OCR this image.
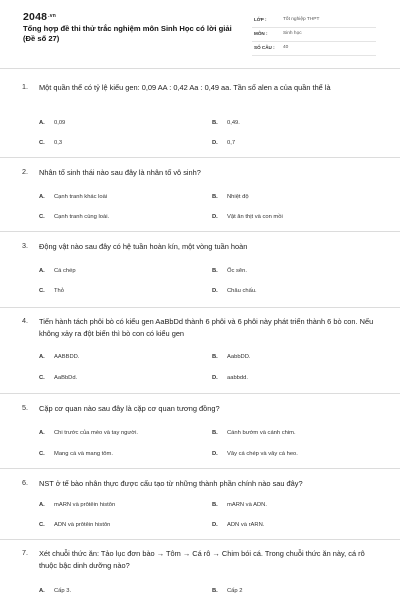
$2048^{.vn}$
Tổng hợp đề thi thử trắc nghiệm môn Sinh Học có lời giải (Đề số 27)
LỚP :	Tốt nghiệp THPT
MÔN :	Sinh học
SỐ CÂU : 40
1. Một quần thể có tỷ lệ kiểu gen: 0,09 AA : 0,42 Aa : 0,49 aa. Tần số alen a của quần thể là
A. 0,09	B. 0,49.
C. 0,3	D. 0,7
2. Nhân tố sinh thái nào sau đây là nhân tố vô sinh?
A. Cạnh tranh khác loài	B. Nhiệt độ
C. Cạnh tranh cùng loài.	D. Vật ăn thịt và con mồi
3. Động vật nào sau đây có hệ tuần hoàn kín, một vòng tuần hoàn
A. Cá chép	B. Ốc sên.
C. Thỏ	D. Châu chấu.
4. Tiến hành tách phôi bò có kiểu gen AaBbDd thành 6 phôi và 6 phôi này phát triển thành 6 bò con. Nếu không xảy ra đột biến thì bò con có kiểu gen
A. AABBDD.	B. AabbDD.
C. AaBbDd.	D. aabbdd.
5. Cặp cơ quan nào sau đây là cặp cơ quan tương đồng?
A. Chi trước của mèo và tay người.	B. Cánh bướm và cánh chim.
C. Mang cá và mang tôm.	D. Vây cá chép và vây cá heo.
6. NST ở tế bào nhân thực được cấu tạo từ những thành phần chính nào sau đây?
A. mARN và prôtêin histôn	B. mARN và ADN.
C. ADN và prôtêin histôn	D. ADN và rARN.
7. Xét chuỗi thức ăn: Tảo lục đơn bào → Tôm → Cá rô → Chim bói cá. Trong chuỗi thức ăn này, cá rô thuộc bậc dinh dưỡng nào?
A. Cấp 3.	B. Cấp 2
